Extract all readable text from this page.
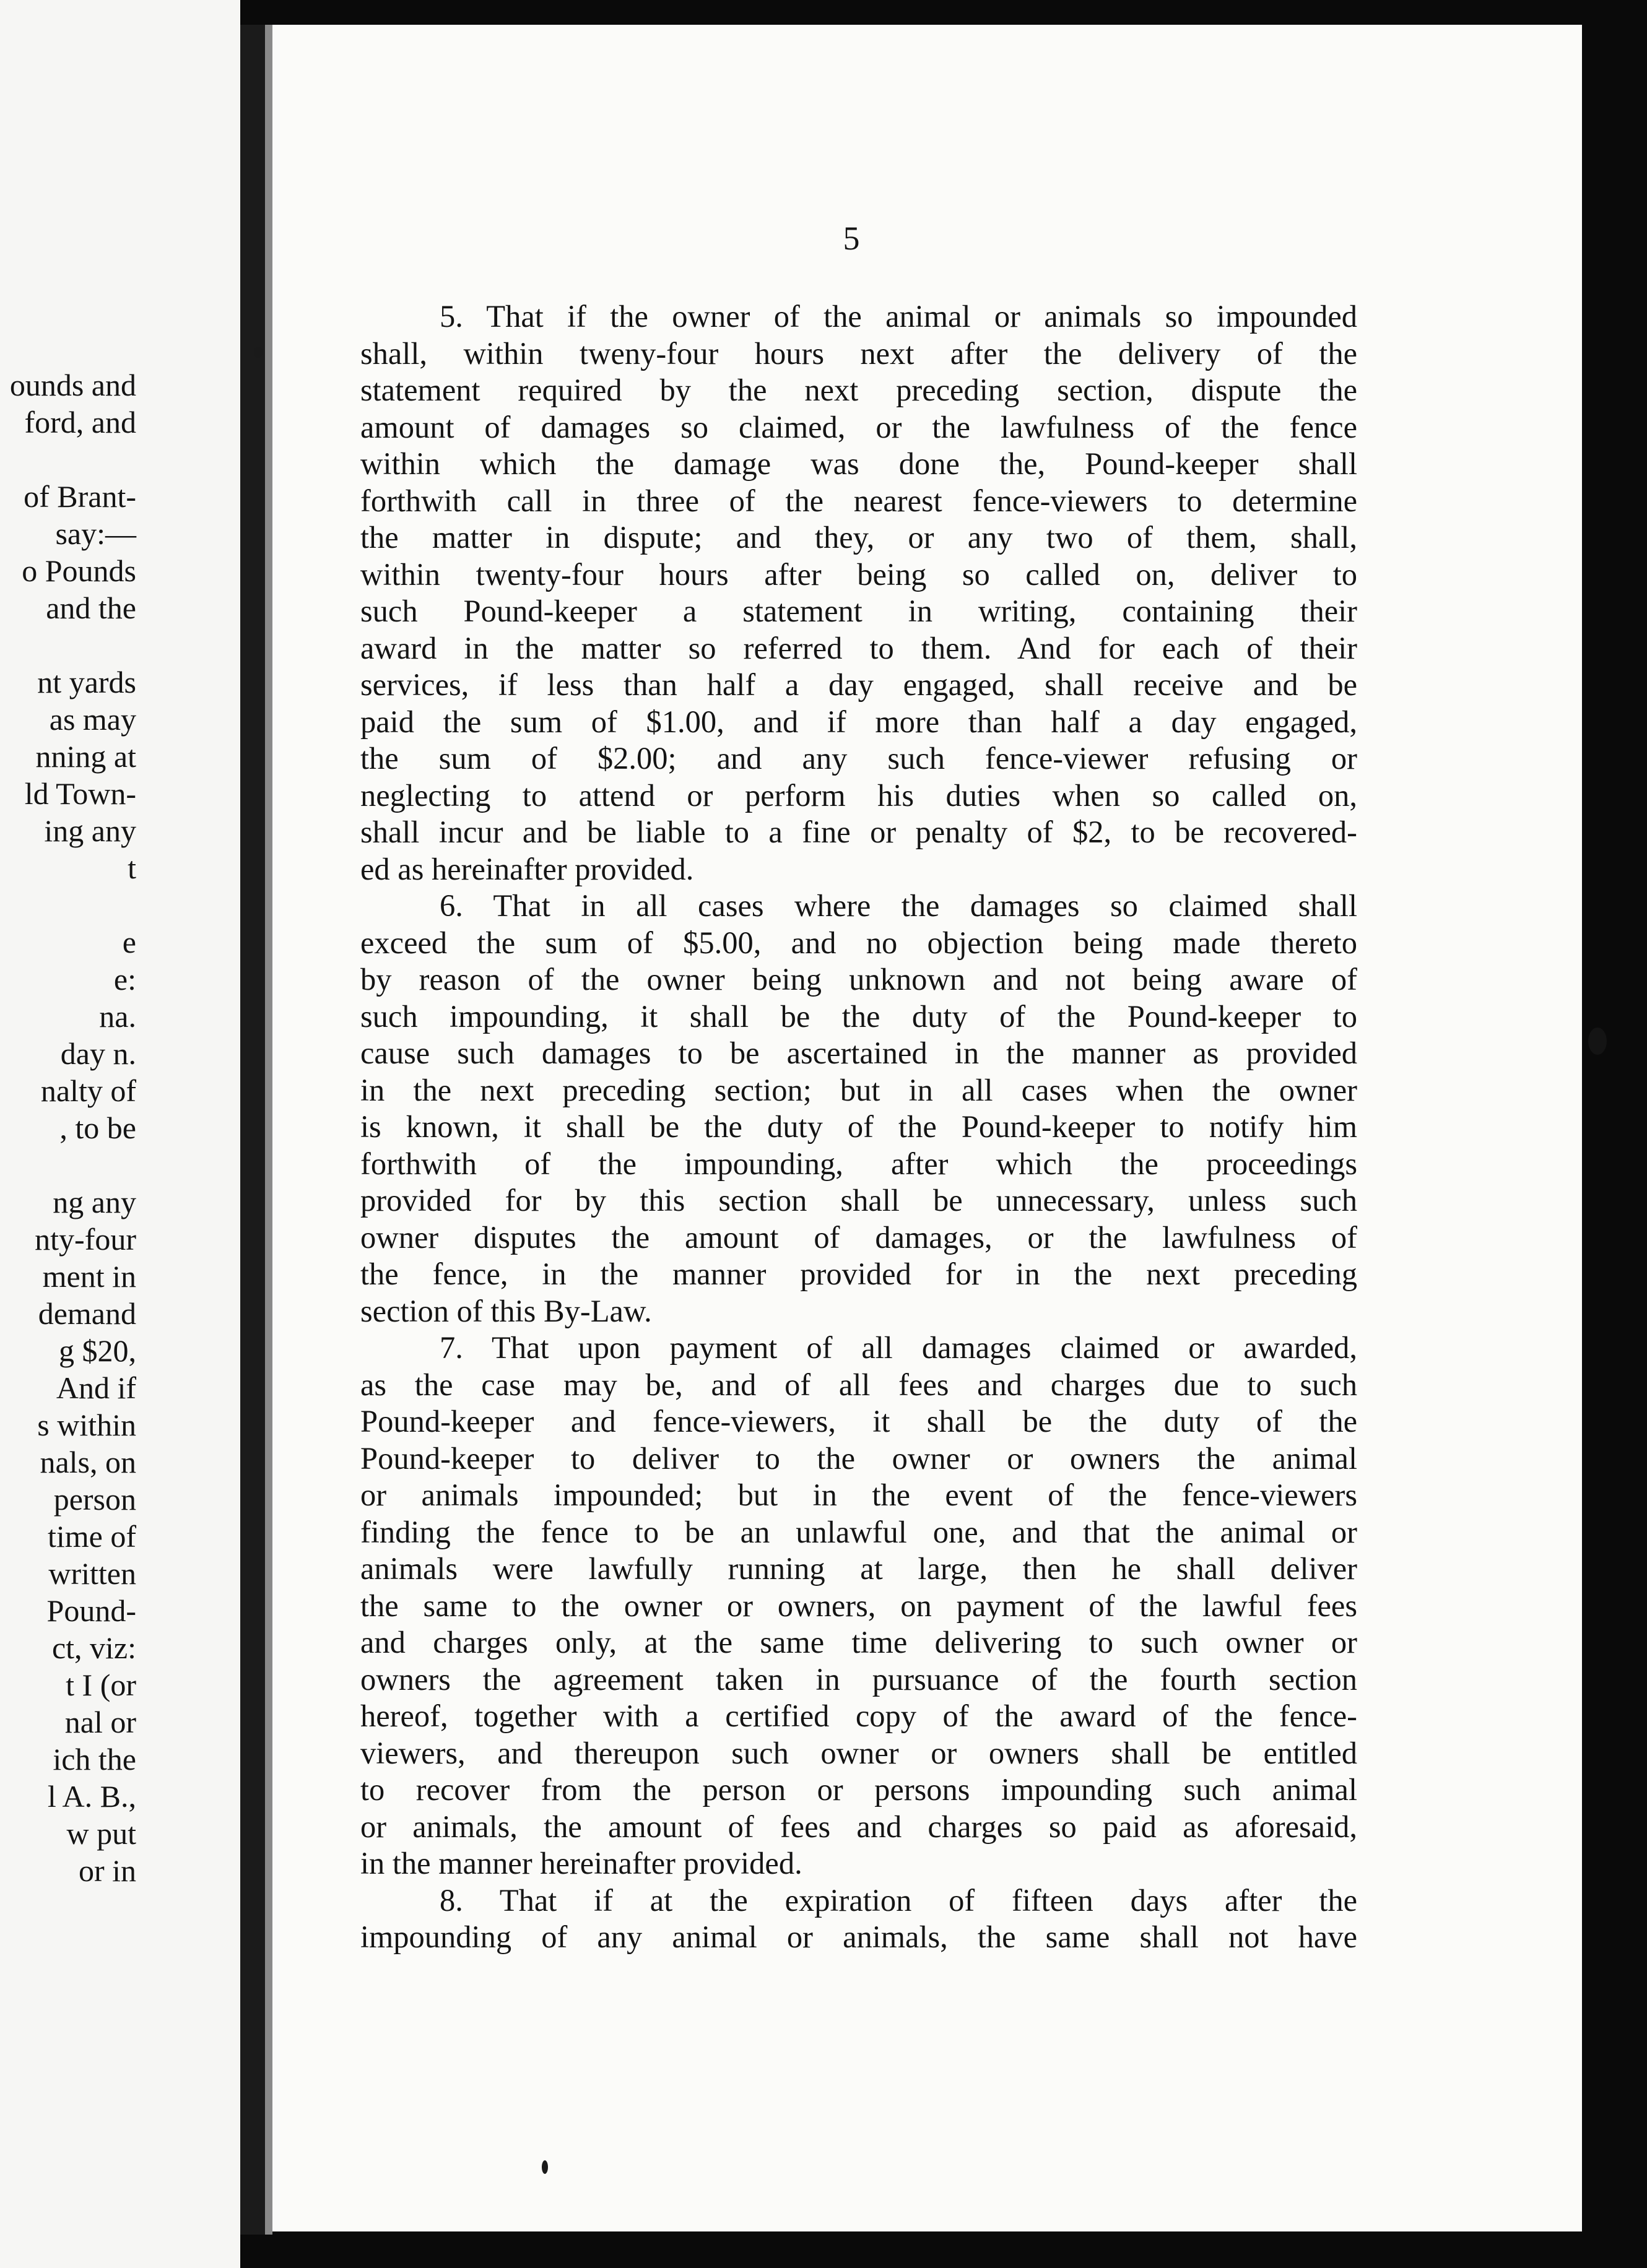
ounds and
ford, and
of Brant-
say:—
o Pounds
and the
nt yards
as may
nning at
ld Town-
ing any
t
e
e:
na.
day n.
nalty of
, to be
ng any
nty-four
ment in
demand
g $20,
And if
s within
nals, on
person
time of
written
Pound-
ct, viz:
t I (or
nal or
ich the
l A. B.,
w put
or in
5
5. That if the owner of the animal or animals so impounded
shall, within tweny-four hours next after the delivery of the
statement required by the next preceding section, dispute the
amount of damages so claimed, or the lawfulness of the fence
within which the damage was done the, Pound-keeper shall
forthwith call in three of the nearest fence-viewers to determine
the matter in dispute; and they, or any two of them, shall,
within twenty-four hours after being so called on, deliver to
such Pound-keeper a statement in writing, containing their
award in the matter so referred to them. And for each of their
services, if less than half a day engaged, shall receive and be
paid the sum of $1.00, and if more than half a day engaged,
the sum of $2.00; and any such fence-viewer refusing or
neglecting to attend or perform his duties when so called on,
shall incur and be liable to a fine or penalty of $2, to be recovered-
ed as hereinafter provided.
6. That in all cases where the damages so claimed shall
exceed the sum of $5.00, and no objection being made thereto
by reason of the owner being unknown and not being aware of
such impounding, it shall be the duty of the Pound-keeper to
cause such damages to be ascertained in the manner as provided
in the next preceding section; but in all cases when the owner
is known, it shall be the duty of the Pound-keeper to notify him
forthwith of the impounding, after which the proceedings
provided for by this section shall be unnecessary, unless such
owner disputes the amount of damages, or the lawfulness of
the fence, in the manner provided for in the next preceding
section of this By-Law.
7. That upon payment of all damages claimed or awarded,
as the case may be, and of all fees and charges due to such
Pound-keeper and fence-viewers, it shall be the duty of the
Pound-keeper to deliver to the owner or owners the animal
or animals impounded; but in the event of the fence-viewers
finding the fence to be an unlawful one, and that the animal or
animals were lawfully running at large, then he shall deliver
the same to the owner or owners, on payment of the lawful fees
and charges only, at the same time delivering to such owner or
owners the agreement taken in pursuance of the fourth section
hereof, together with a certified copy of the award of the fence-
viewers, and thereupon such owner or owners shall be entitled
to recover from the person or persons impounding such animal
or animals, the amount of fees and charges so paid as aforesaid,
in the manner hereinafter provided.
8. That if at the expiration of fifteen days after the
impounding of any animal or animals, the same shall not have
